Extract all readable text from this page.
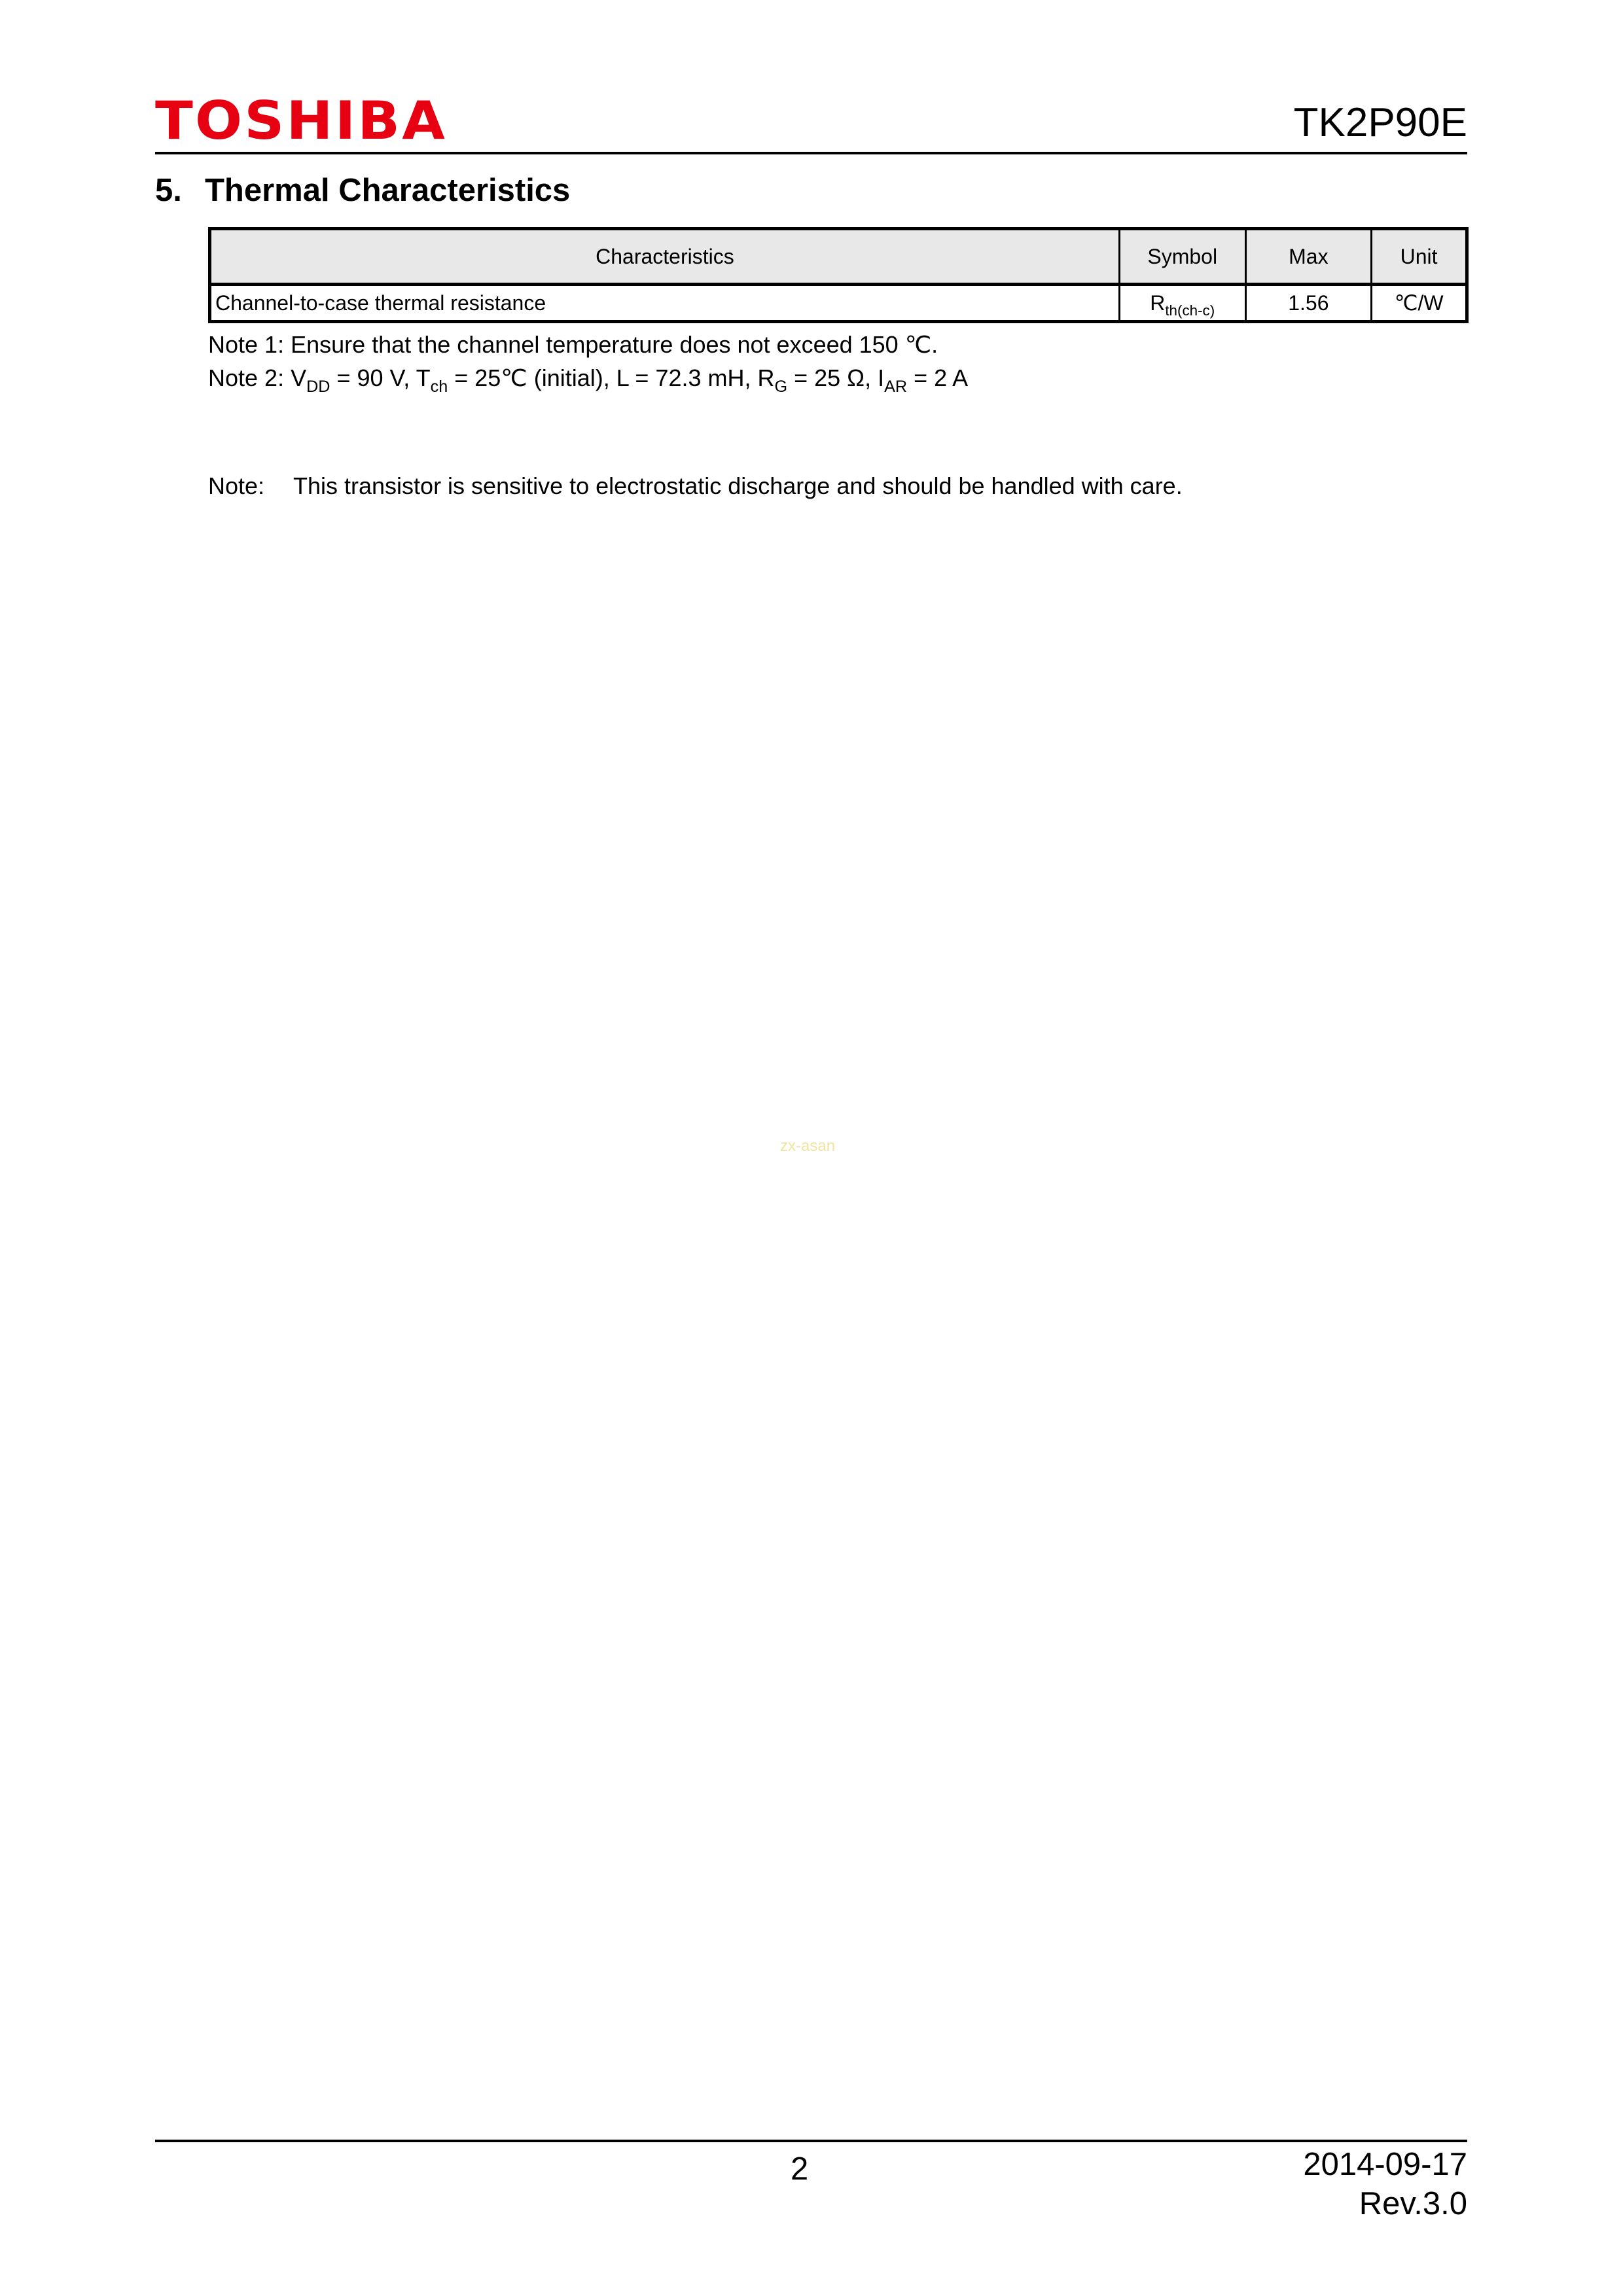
TOSHIBA	TK2P90E
5. Thermal Characteristics
Characteristics	Symbol	Max	Unit
Channel-to-case thermal resistance	$R_{th(ch-c)}$	1.56	℃/W
Note 1: Ensure that the channel temperature does not exceed 150 ℃.
Note 2: $V_{DD} = 90$ V, $T_{ch}$ = 25℃ (initial), L = 72.3 mH, $R_G = 25$ Ω, $I_{AR} = 2$ A
Note: This transistor is sensitive to electrostatic discharge and should be handled with care.
zx-asan
2	2014-09-17
Rev.3.0
